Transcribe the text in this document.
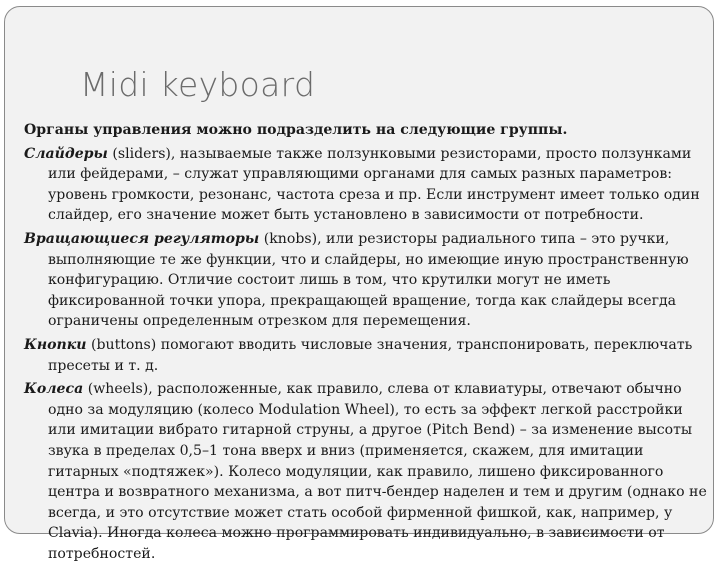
Midi keyboard
Органы управления можно подразделить на следующие группы.
Слайдеры (sliders), называемые также ползунковыми резисторами, просто ползунками или фейдерами, – служат управляющими органами для самых разных параметров: уровень громкости, резонанс, частота среза и пр. Если инструмент имеет только один слайдер, его значение может быть установлено в зависимости от потребности.
Вращающиеся регуляторы (knobs), или резисторы радиального типа – это ручки, выполняющие те же функции, что и слайдеры, но имеющие иную пространственную конфигурацию. Отличие состоит лишь в том, что крутилки могут не иметь фиксированной точки упора, прекращающей вращение, тогда как слайдеры всегда ограничены определенным отрезком для перемещения.
Кнопки (buttons) помогают вводить числовые значения, транспонировать, переключать пресеты и т. д.
Колеса (wheels), расположенные, как правило, слева от клавиатуры, отвечают обычно одно за модуляцию (колесо Modulation Wheel), то есть за эффект легкой расстройки или имитации вибрато гитарной струны, а другое (Pitch Bend) – за изменение высоты звука в пределах 0,5–1 тона вверх и вниз (применяется, скажем, для имитации гитарных «подтяжек»). Колесо модуляции, как правило, лишено фиксированного центра и возвратного механизма, а вот питч-бендер наделен и тем и другим (однако не всегда, и это отсутствие может стать особой фирменной фишкой, как, например, у Clavia). Иногда колеса можно программировать индивидуально, в зависимости от потребностей.
